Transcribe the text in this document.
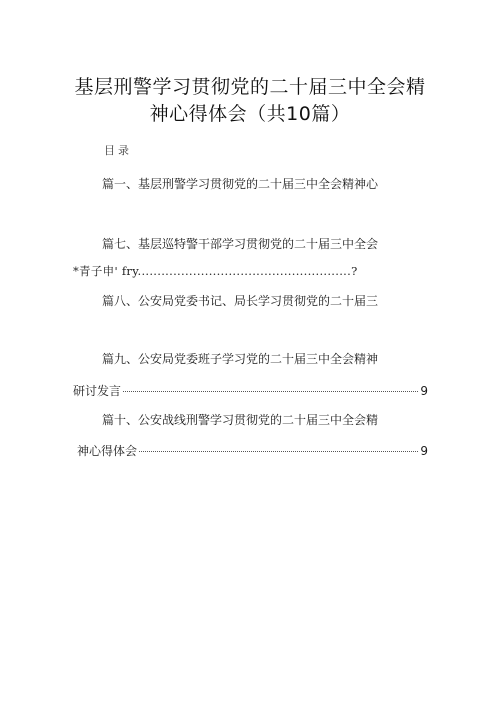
基层刑警学习贯彻党的二十届三中全会精
神心得体会（共10篇）
目录
篇一、基层刑警学习贯彻党的二十届三中全会精神心
篇七、基层巡特警干部学习贯彻党的二十届三中全会
*青子申' fry......................................................?
篇八、公安局党委书记、局长学习贯彻党的二十届三
篇九、公安局党委班子学习党的二十届三中全会精神
研讨发言	9
篇十、公安战线刑警学习贯彻党的二十届三中全会精
神心得体会	9
